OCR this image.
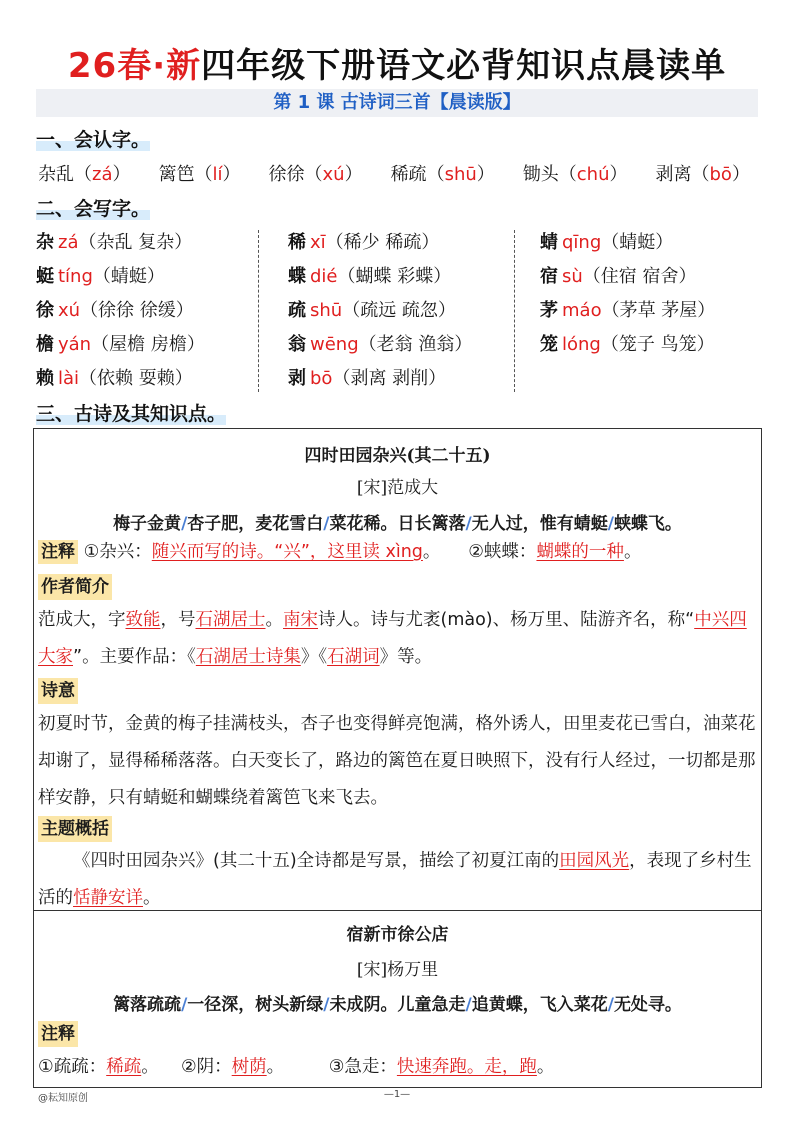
26春·新四年级下册语文必背知识点晨读单
第 1 课 古诗词三首【晨读版】
一、会认字。
杂乱（zá） 篱笆（lí） 徐徐（xú） 稀疏（shū） 锄头（chú） 剥离（bō）
二、会写字。
杂 zá（杂乱 复杂）
蜓 tíng（蜻蜓）
徐 xú（徐徐 徐缓）
檐 yán（屋檐 房檐）
赖 lài（依赖 耍赖）
稀 xī（稀少 稀疏）
蝶 dié（蝴蝶 彩蝶）
疏 shū（疏远 疏忽）
翁 wēng（老翁 渔翁）
剥 bō（剥离 剥削）
蜻 qīng（蜻蜓）
宿 sù（住宿 宿舍）
茅 máo（茅草 茅屋）
笼 lóng（笼子 鸟笼）
三、古诗及其知识点。
四时田园杂兴(其二十五)
[宋]范成大
梅子金黄/杏子肥，麦花雪白/菜花稀。日长篱落/无人过，惟有蜻蜓/蛱蝶飞。
注释 ①杂兴：随兴而写的诗。“兴”，这里读 xìng。 ②蛱蝶：蝴蝶的一种。
作者简介
范成大，字致能，号石湖居士。南宋诗人。诗与尤袤(mào)、杨万里、陆游齐名，称“中兴四大家”。主要作品：《石湖居士诗集》《石湖词》等。
诗意
初夏时节，金黄的梅子挂满枝头，杏子也变得鲜亮饱满，格外诱人，田里麦花已雪白，油菜花却谢了，显得稀稀落落。白天变长了，路边的篱笆在夏日映照下，没有行人经过，一切都是那样安静，只有蜻蜓和蝴蝶绕着篱笆飞来飞去。
主题概括
《四时田园杂兴》(其二十五)全诗都是写景，描绘了初夏江南的田园风光，表现了乡村生活的恬静安详。
宿新市徐公店
[宋]杨万里
篱落疏疏/一径深，树头新绿/未成阴。儿童急走/追黄蝶，飞入菜花/无处寻。
注释
①疏疏：稀疏。 ②阴：树荫。	③急走：快速奔跑。走，跑。
@耘知原创	—1—
